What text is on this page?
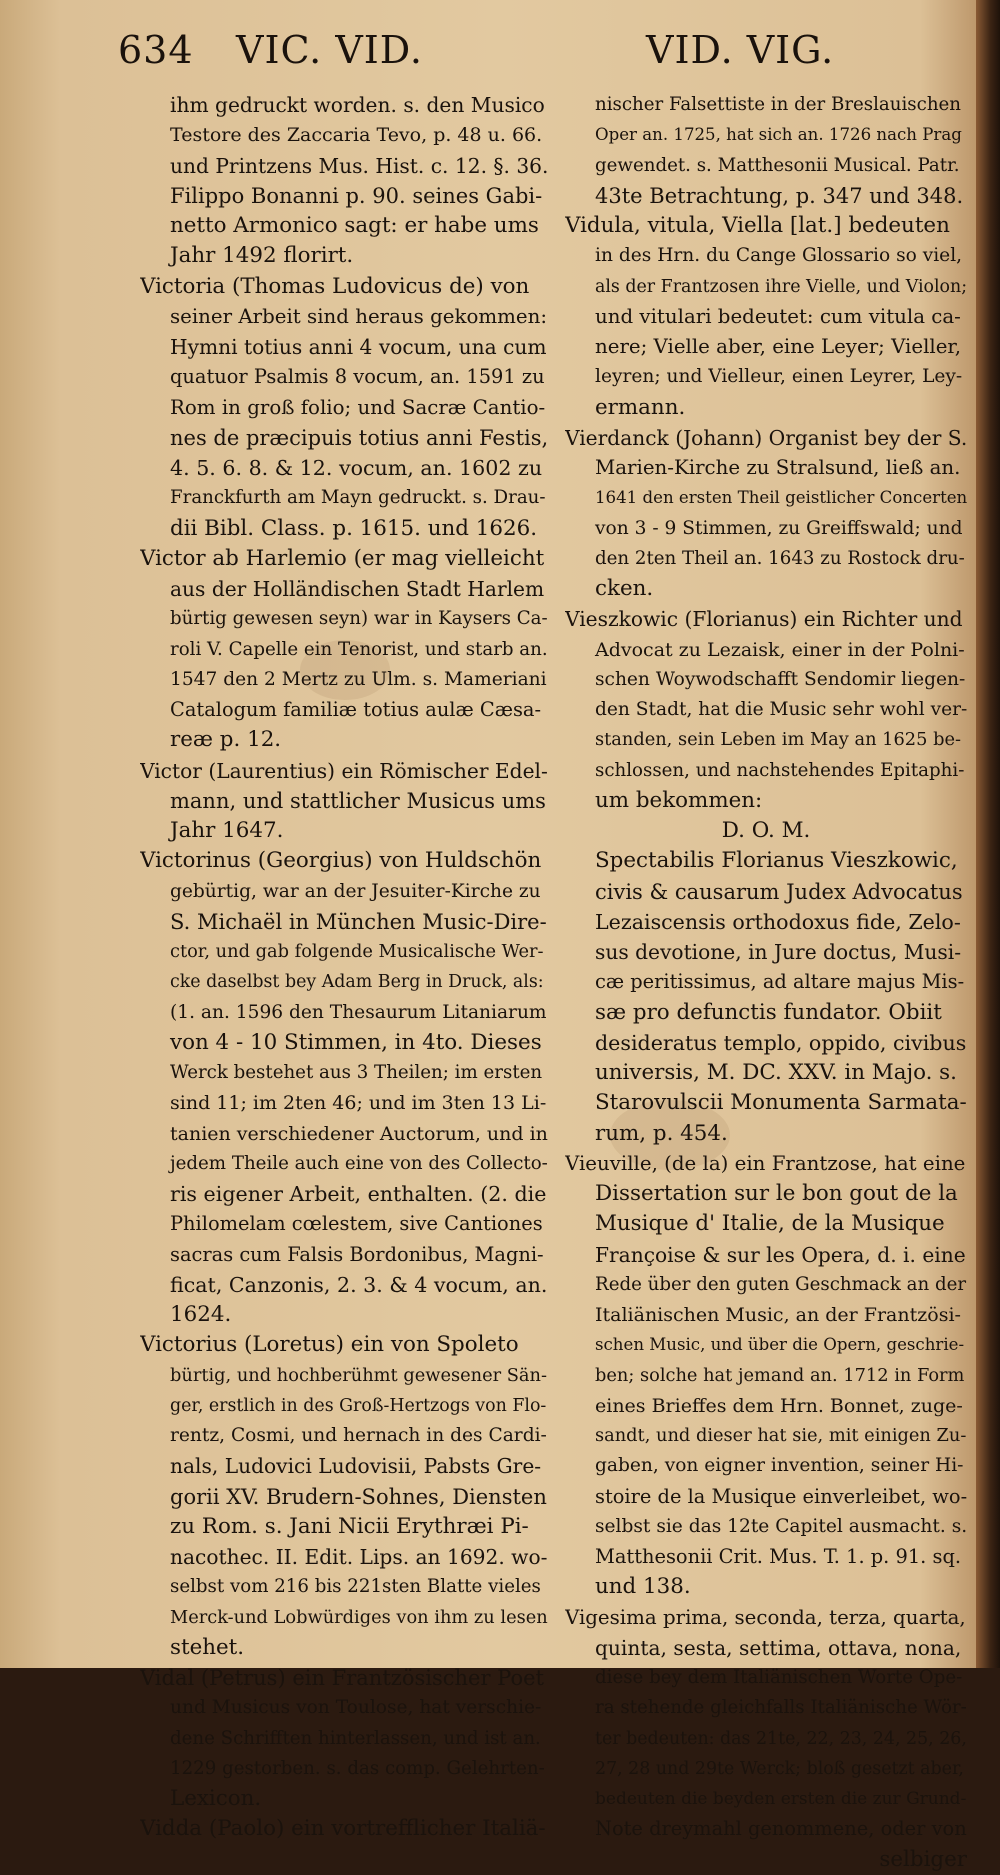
634 VIC. VID.	VID. VIG.
ihm gedruckt worden. s. den Musico
Testore des Zaccaria Tevo, p. 48 u. 66.
und Printzens Mus. Hist. c. 12. §. 36.
Filippo Bonanni p. 90. seines Gabi-
netto Armonico sagt: er habe ums
Jahr 1492 florirt.
Victoria (Thomas Ludovicus de) von
seiner Arbeit sind heraus gekommen:
Hymni totius anni 4 vocum, una cum
quatuor Psalmis 8 vocum, an. 1591 zu
Rom in groß folio; und Sacræ Cantio-
nes de præcipuis totius anni Festis,
4. 5. 6. 8. & 12. vocum, an. 1602 zu
Franckfurth am Mayn gedruckt. s. Drau-
dii Bibl. Class. p. 1615. und 1626.
Victor ab Harlemio (er mag vielleicht
aus der Holländischen Stadt Harlem
bürtig gewesen seyn) war in Kaysers Ca-
roli V. Capelle ein Tenorist, und starb an.
1547 den 2 Mertz zu Ulm. s. Mameriani
Catalogum familiæ totius aulæ Cæsa-
reæ p. 12.
Victor (Laurentius) ein Römischer Edel-
mann, und stattlicher Musicus ums
Jahr 1647.
Victorinus (Georgius) von Huldschön
gebürtig, war an der Jesuiter-Kirche zu
S. Michaël in München Music-Dire-
ctor, und gab folgende Musicalische Wer-
cke daselbst bey Adam Berg in Druck, als:
(1. an. 1596 den Thesaurum Litaniarum
von 4 - 10 Stimmen, in 4to. Dieses
Werck bestehet aus 3 Theilen; im ersten
sind 11; im 2ten 46; und im 3ten 13 Li-
tanien verschiedener Auctorum, und in
jedem Theile auch eine von des Collecto-
ris eigener Arbeit, enthalten. (2. die
Philomelam cœlestem, sive Cantiones
sacras cum Falsis Bordonibus, Magni-
ficat, Canzonis, 2. 3. & 4 vocum, an.
1624.
Victorius (Loretus) ein von Spoleto
bürtig, und hochberühmt gewesener Sän-
ger, erstlich in des Groß-Hertzogs von Flo-
rentz, Cosmi, und hernach in des Cardi-
nals, Ludovici Ludovisii, Pabsts Gre-
gorii XV. Brudern-Sohnes, Diensten
zu Rom. s. Jani Nicii Erythræi Pi-
nacothec. II. Edit. Lips. an 1692. wo-
selbst vom 216 bis 221sten Blatte vieles
Merck-und Lobwürdiges von ihm zu lesen
stehet.
Vidal (Petrus) ein Frantzösischer Poet
und Musicus von Toulose, hat verschie-
dene Schrifften hinterlassen, und ist an.
1229 gestorben. s. das comp. Gelehrten-
Lexicon.
Vidda (Paolo) ein vortrefflicher Italiä-
nischer Falsettiste in der Breslauischen
Oper an. 1725, hat sich an. 1726 nach Prag
gewendet. s. Matthesonii Musical. Patr.
43te Betrachtung, p. 347 und 348.
Vidula, vitula, Viella [lat.] bedeuten
in des Hrn. du Cange Glossario so viel,
als der Frantzosen ihre Vielle, und Violon;
und vitulari bedeutet: cum vitula ca-
nere; Vielle aber, eine Leyer; Vieller,
leyren; und Vielleur, einen Leyrer, Ley-
ermann.
Vierdanck (Johann) Organist bey der S.
Marien-Kirche zu Stralsund, ließ an.
1641 den ersten Theil geistlicher Concerten
von 3 - 9 Stimmen, zu Greiffswald; und
den 2ten Theil an. 1643 zu Rostock dru-
cken.
Vieszkowic (Florianus) ein Richter und
Advocat zu Lezaisk, einer in der Polni-
schen Woywodschafft Sendomir liegen-
den Stadt, hat die Music sehr wohl ver-
standen, sein Leben im May an 1625 be-
schlossen, und nachstehendes Epitaphi-
um bekommen:
D. O. M.
Spectabilis Florianus Vieszkowic,
civis & causarum Judex Advocatus
Lezaiscensis orthodoxus fide, Zelo-
sus devotione, in Jure doctus, Musi-
cæ peritissimus, ad altare majus Mis-
sæ pro defunctis fundator. Obiit
desideratus templo, oppido, civibus
universis, M. DC. XXV. in Majo. s.
Starovulscii Monumenta Sarmata-
rum, p. 454.
Vieuville, (de la) ein Frantzose, hat eine
Dissertation sur le bon gout de la
Musique d' Italie, de la Musique
Françoise & sur les Opera, d. i. eine
Rede über den guten Geschmack an der
Italiänischen Music, an der Frantzösi-
schen Music, und über die Opern, geschrie-
ben; solche hat jemand an. 1712 in Form
eines Brieffes dem Hrn. Bonnet, zuge-
sandt, und dieser hat sie, mit einigen Zu-
gaben, von eigner invention, seiner Hi-
stoire de la Musique einverleibet, wo-
selbst sie das 12te Capitel ausmacht. s.
Matthesonii Crit. Mus. T. 1. p. 91. sq.
und 138.
Vigesima prima, seconda, terza, quarta,
quinta, sesta, settima, ottava, nona,
diese bey dem Italiänischen Worte Ope-
ra stehende gleichfalls Italiänische Wör-
ter bedeuten: das 21te, 22, 23, 24, 25, 26,
27, 28 und 29te Werck; bloß gesetzt aber,
bedeuten die beyden ersten die zur Grund-
Note dreymahl genommene, oder von
selbiger
